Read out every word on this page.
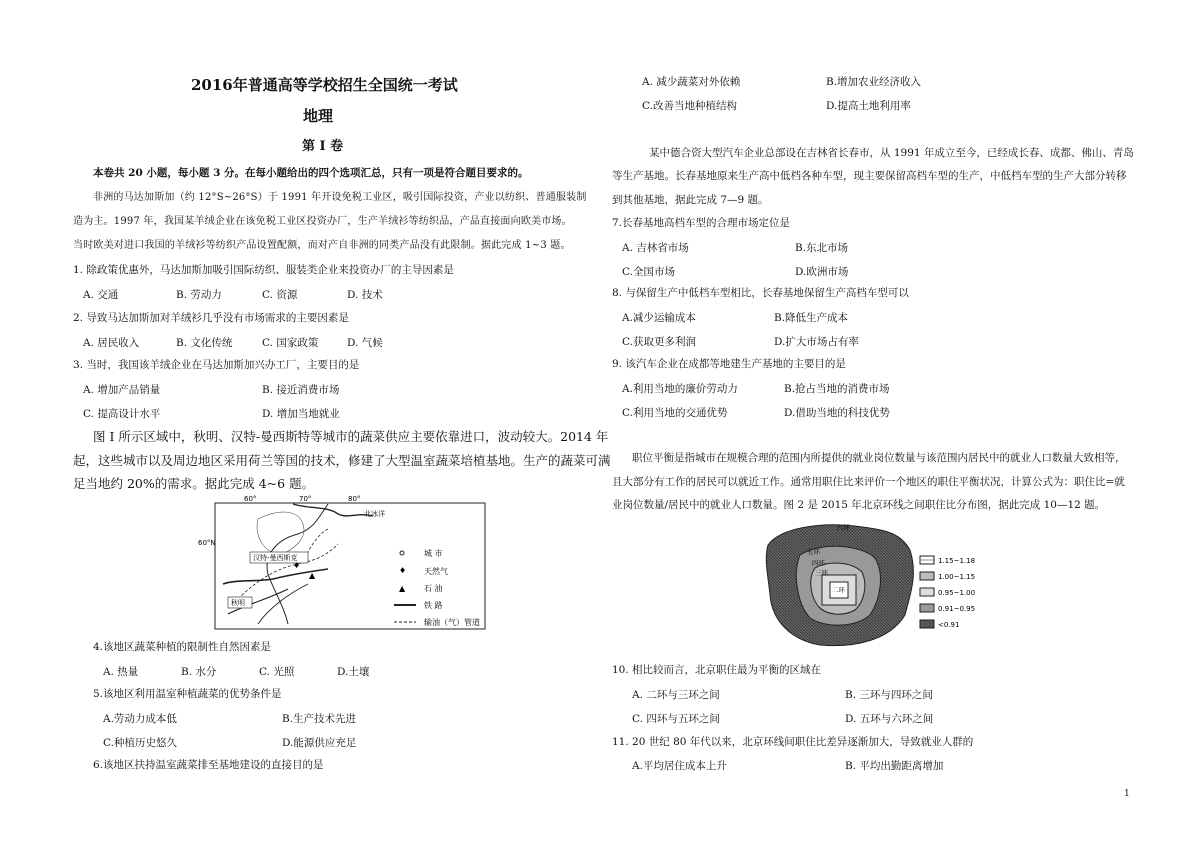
2016年普通高等学校招生全国统一考试
地理
第 I 卷
本卷共 20 小题，每小题 3 分。在每小题给出的四个选项汇总，只有一项是符合题目要求的。
非洲的马达加斯加（约 12°S~26°S）于 1991 年开设免税工业区，吸引国际投资，产业以纺织、普通服装制
造为主。1997 年，我国某羊绒企业在该免税工业区投资办厂，生产羊绒衫等纺织品，产品直接面向欧美市场。
当时欧美对进口我国的羊绒衫等纺织产品设置配额，而对产自非洲的同类产品没有此限制。据此完成 1~3 题。
1. 除政策优惠外，马达加斯加吸引国际纺织、服装类企业来投资办厂的主导因素是
A. 交通	B. 劳动力	C. 资源	D. 技术
2. 导致马达加斯加对羊绒衫几乎没有市场需求的主要因素是
A. 居民收入	B. 文化传统	C. 国家政策	D. 气候
3. 当时，我国该羊绒企业在马达加斯加兴办工厂，主要目的是
A. 增加产品销量	B. 接近消费市场
C. 提高设计水平	D. 增加当地就业
图 I 所示区域中，秋明、汉特-曼西斯特等城市的蔬菜供应主要依靠进口，波动较大。2014 年
起，这些城市以及周边地区采用荷兰等国的技术，修建了大型温室蔬菜培植基地。生产的蔬菜可满
足当地约 20%的需求。据此完成 4~6 题。
60°	70°	80°
60°N
北冰洋
汉特-曼西斯克
秋明
♦
▲
城 市
♦ 天然气
▲ 石 油
铁 路
输油（气）管道
4.该地区蔬菜种植的限制性自然因素是
A. 热量	B. 水分	C. 光照	D.土壤
5.该地区利用温室种植蔬菜的优势条件是
A.劳动力成本低	B.生产技术先进
C.种植历史悠久	D.能源供应充足
6.该地区扶持温室蔬菜排至基地建设的直接目的是
A. 减少蔬菜对外依赖	B.增加农业经济收入
C.改善当地种植结构	D.提高土地利用率
某中德合资大型汽车企业总部设在吉林省长春市，从 1991 年成立至今，已经成长春、成都、佛山、青岛
等生产基地。长春基地原来生产高中低档各种车型，现主要保留高档车型的生产，中低档车型的生产大部分转移
到其他基地，据此完成 7—9 题。
7.长春基地高档车型的合理市场定位是
A. 吉林省市场	B.东北市场
C.全国市场	D.欧洲市场
8. 与保留生产中低档车型相比，长春基地保留生产高档车型可以
A.减少运输成本	B.降低生产成本
C.获取更多利润	D.扩大市场占有率
9. 该汽车企业在成都等地建生产基地的主要目的是
A.利用当地的廉价劳动力	B.抢占当地的消费市场
C.利用当地的交通优势	D.借助当地的科技优势
职位平衡是指城市在规模合理的范围内所提供的就业岗位数量与该范围内居民中的就业人口数量大致相等，
且大部分有工作的居民可以就近工作。通常用职住比来评价一个地区的职住平衡状况，计算公式为：职住比=就
业岗位数量/居民中的就业人口数量。图 2 是 2015 年北京环线之间职住比分布图，据此完成 10—12 题。
六环
五环
四环
三环
二环
1.15~1.18
1.00~1.15
0.95~1.00
0.91~0.95
<0.91
10. 相比较而言，北京职住最为平衡的区域在
A. 二环与三环之间	B. 三环与四环之间
C. 四环与五环之间	D. 五环与六环之间
11. 20 世纪 80 年代以来，北京环线间职住比差异逐渐加大，导致就业人群的
A.平均居住成本上升	B. 平均出勤距离增加
1
